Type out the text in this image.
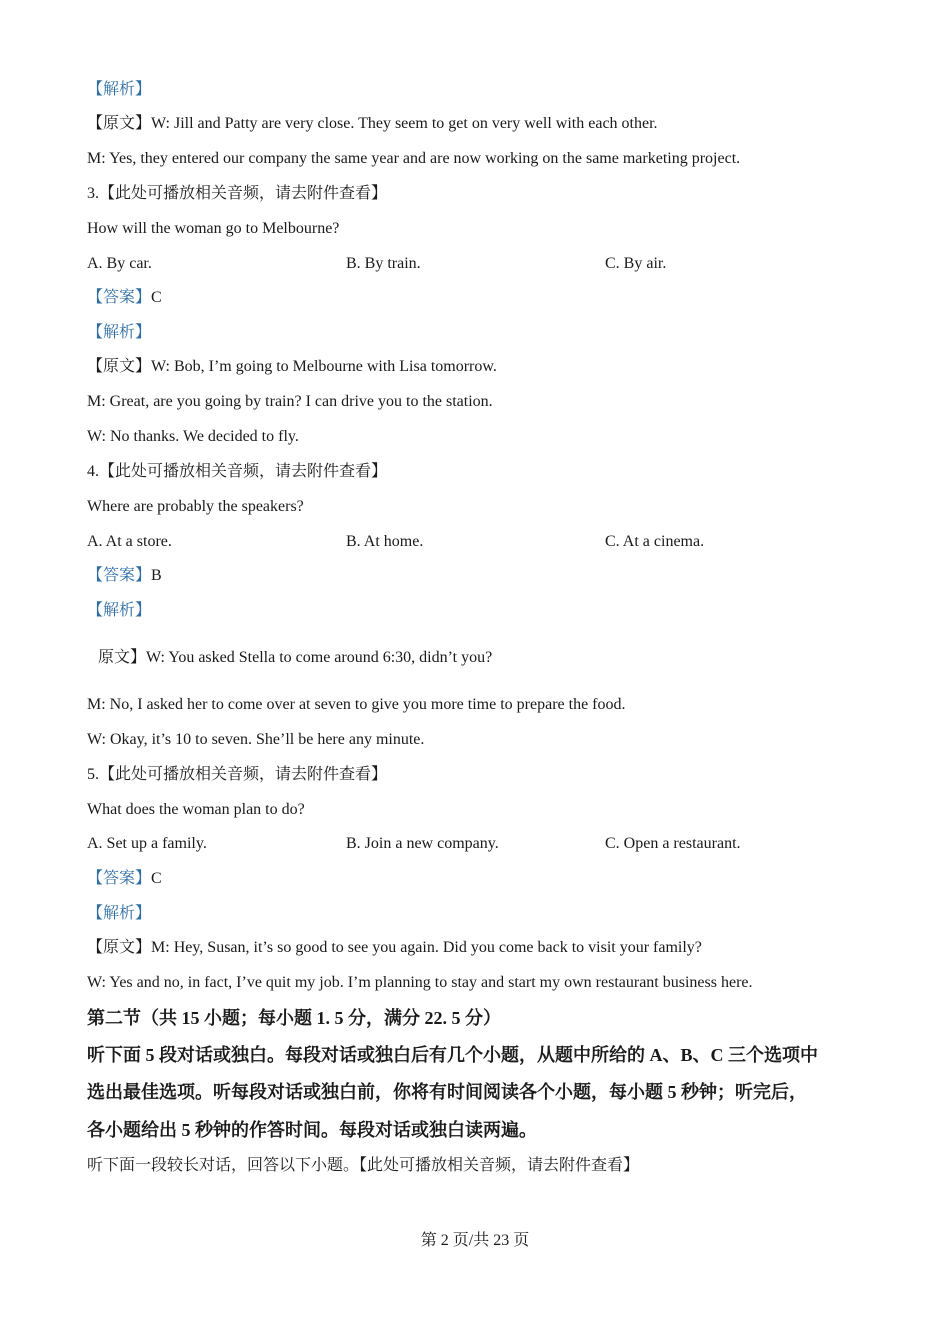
【解析】
【原文】W: Jill and Patty are very close. They seem to get on very well with each other.
M: Yes, they entered our company the same year and are now working on the same marketing project.
3.【此处可播放相关音频，请去附件查看】
How will the woman go to Melbourne?
A. By car.	B. By train.	C. By air.
【答案】C
【解析】
【原文】W: Bob, I’m going to Melbourne with Lisa tomorrow.
M: Great, are you going by train? I can drive you to the station.
W: No thanks. We decided to fly.
4.【此处可播放相关音频，请去附件查看】
Where are probably the speakers?
A. At a store.	B. At home.	C. At a cinema.
【答案】B
【解析】
原文】W: You asked Stella to come around 6:30, didn’t you?
M: No, I asked her to come over at seven to give you more time to prepare the food.
W: Okay, it’s 10 to seven. She’ll be here any minute.
5.【此处可播放相关音频，请去附件查看】
What does the woman plan to do?
A. Set up a family.	B. Join a new company.	C. Open a restaurant.
【答案】C
【解析】
【原文】M: Hey, Susan, it’s so good to see you again. Did you come back to visit your family?
W: Yes and no, in fact, I’ve quit my job. I’m planning to stay and start my own restaurant business here.
第二节（共 15 小题；每小题 1. 5 分，满分 22. 5 分）
听下面 5 段对话或独白。每段对话或独白后有几个小题，从题中所给的 A、B、C 三个选项中
选出最佳选项。听每段对话或独白前，你将有时间阅读各个小题，每小题 5 秒钟；听完后，
各小题给出 5 秒钟的作答时间。每段对话或独白读两遍。
听下面一段较长对话，回答以下小题。【此处可播放相关音频，请去附件查看】
第 2 页/共 23 页
